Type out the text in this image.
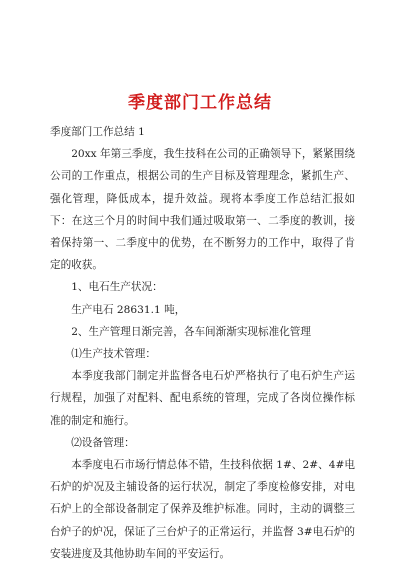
季度部门工作总结

季度部门工作总结 1

20xx 年第三季度，我生技科在公司的正确领导下，紧紧围绕公司的工作重点，根据公司的生产目标及管理理念，紧抓生产、强化管理，降低成本，提升效益。现将本季度工作总结汇报如下：在这三个月的时间中我们通过吸取第一、二季度的教训，接着保持第一、二季度中的优势，在不断努力的工作中，取得了肯定的收获。

1、电石生产状况：

生产电石 28631.1 吨，

2、生产管理日渐完善，各车间渐渐实现标准化管理

⑴生产技术管理：

本季度我部门制定并监督各电石炉严格执行了电石炉生产运行规程，加强了对配料、配电系统的管理，完成了各岗位操作标准的制定和施行。

⑵设备管理：

本季度电石市场行情总体不错，生技科依据 1#、2#、4#电石炉的炉况及主辅设备的运行状况，制定了季度检修安排，对电石炉上的全部设备制定了保养及维护标准。同时，主动的调整三台炉子的炉况，保证了三台炉子的正常运行，并监督 3#电石炉的安装进度及其他协助车间的平安运行。
